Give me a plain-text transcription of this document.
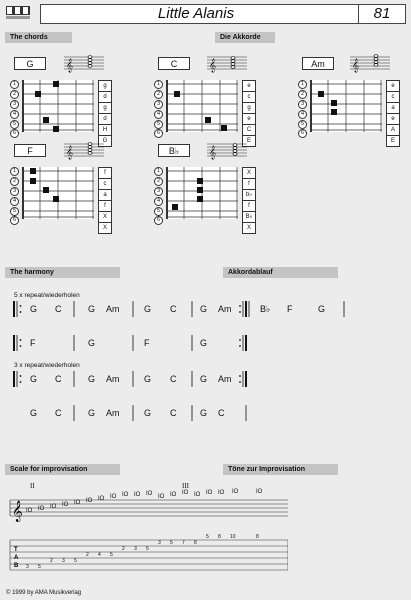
Little Alanis	81
The chords	Die Akkorde
G	𝄞
1
2
3
4
5
6
g
d
g
d
H
G
C	𝄞
1
2
3
4
5
6
e
c
g
e
C
E
Am	𝄞
1
2
3
4
5
6
e
c
a
e
A
E
F	𝄞
1
2
3
4
5
6
f
c
a
f
X
X
B♭	𝄞
1
2
3
4
5
6
X
f
b♭
f
B♭
X
The harmony	Akkordablauf
5 x repeat/wiederholen
G C	G Am	G C	G Am	B♭ F	G
F	G	F	G
3 x repeat/wiederholen
G C	G Am	G C	G Am
G C	G Am	G C	G C
Scale for improvisation	Töne zur Improvisation
II	III
𝄞 IO IO IO IO IO IO IO IO IO IO IO IO IO IO IO IO IO IO	IO
T
A
B 3 5
2 3 5
2 4 5
2 3 5
3 5 7 8
5 8 10	8
© 1999 by AMA Musikverlag
